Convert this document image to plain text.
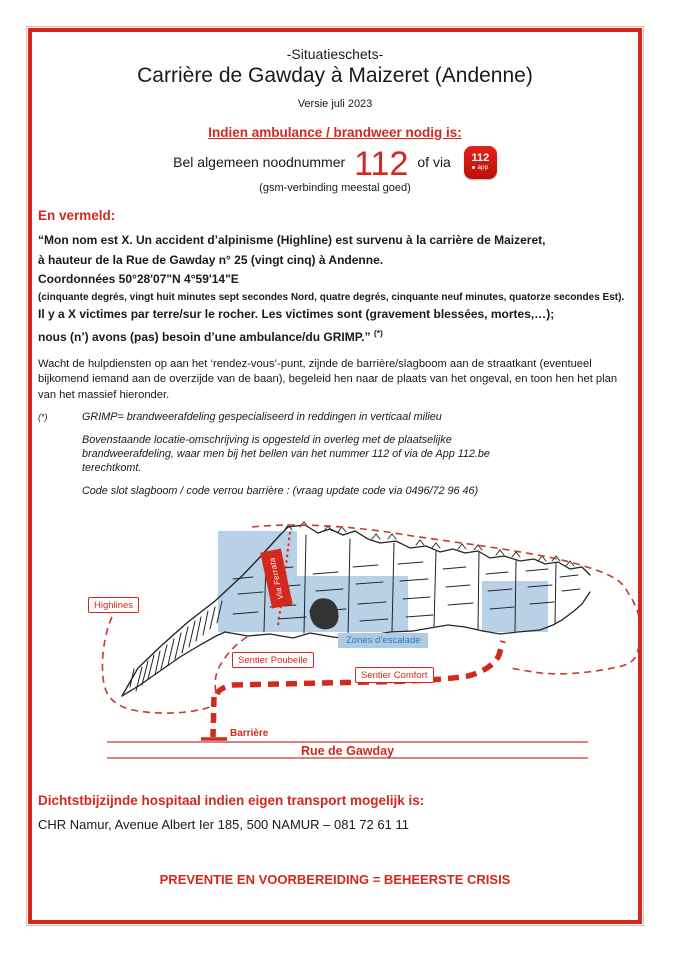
-Situatieschets-
Carrière de Gawday à Maizeret (Andenne)
Versie juli 2023
Indien ambulance / brandweer nodig is:
Bel algemeen noodnummer 112 of via 112
app
(gsm-verbinding meestal goed)
En vermeld:
“Mon nom est X. Un accident d’alpinisme (Highline) est survenu à la carrière de Maizeret,
à hauteur de la Rue de Gawday n° 25 (vingt cinq) à Andenne.
Coordonnées 50°28'07"N 4°59'14"E
(cinquante degrés, vingt huit minutes sept secondes Nord, quatre degrés, cinquante neuf minutes, quatorze secondes Est).
Il y a X victimes par terre/sur le rocher. Les victimes sont (gravement blessées, mortes,…);
nous (n’) avons (pas) besoin d’une ambulance/du GRIMP.” (*)
Wacht de hulpdiensten op aan het ‘rendez-vous’-punt, zijnde de barrière/slagboom aan de straatkant (eventueel bijkomend iemand aan de overzijde van de baan), begeleid hen naar de plaats van het ongeval, en toon hen het plan van het massief hieronder.
(*)	GRIMP= brandweerafdeling gespecialiseerd in reddingen in verticaal milieu
Bovenstaande locatie-omschrijving is opgesteld in overleg met de plaatselijke brandweerafdeling, waar men bij het bellen van het nummer 112 of via de App 112.be terechtkomt.
Code slot slagboom / code verrou barrière : (vraag update code via 0496/72 96 46)
Highlines
Via Ferrata
Zones d’escalade
Sentier Poubelle
Sentier Comfort
Barrière
Rue de Gawday
Dichtstbijzijnde hospitaal indien eigen transport mogelijk is:
CHR Namur, Avenue Albert Ier 185, 500 NAMUR – 081 72 61 11
PREVENTIE EN VOORBEREIDING = BEHEERSTE CRISIS
